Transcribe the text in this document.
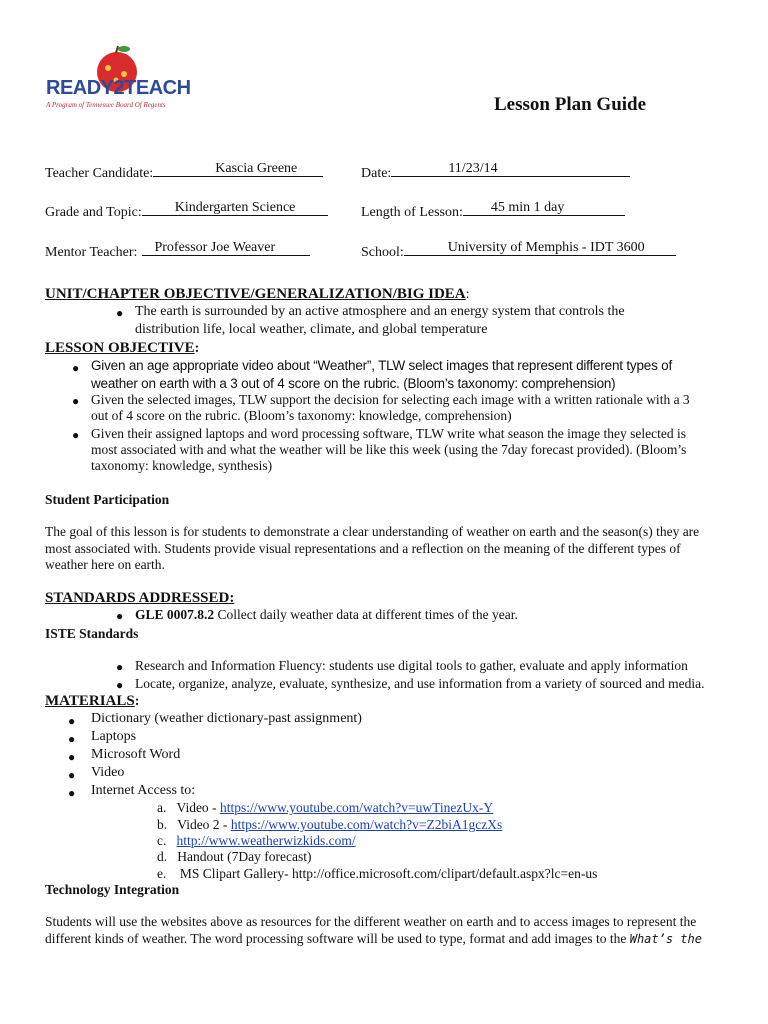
READY2TEACH
A Program of Tennessee Board Of Regents	Lesson Plan Guide
Teacher Candidate:	Kascia Greene	Date:	11/23/14
Grade and Topic: Kindergarten Science	Length of Lesson: 45 min 1 day
Mentor Teacher: Professor Joe Weaver	School:	University of Memphis - IDT 3600
UNIT/CHAPTER OBJECTIVE/GENERALIZATION/BIG IDEA:
● The earth is surrounded by an active atmosphere and an energy system that controls the
distribution life, local weather, climate, and global temperature
LESSON OBJECTIVE:
● Given an age appropriate video about “Weather”, TLW select images that represent different types of
weather on earth with a 3 out of 4 score on the rubric. (Bloom’s taxonomy: comprehension)
● Given the selected images, TLW support the decision for selecting each image with a written rationale with a 3
out of 4 score on the rubric. (Bloom’s taxonomy: knowledge, comprehension)
● Given their assigned laptops and word processing software, TLW write what season the image they selected is
most associated with and what the weather will be like this week (using the 7day forecast provided). (Bloom’s
taxonomy: knowledge, synthesis)
Student Participation
The goal of this lesson is for students to demonstrate a clear understanding of weather on earth and the season(s) they are
most associated with. Students provide visual representations and a reflection on the meaning of the different types of
weather here on earth.
STANDARDS ADDRESSED:
● GLE 0007.8.2 Collect daily weather data at different times of the year.
ISTE Standards
● Research and Information Fluency: students use digital tools to gather, evaluate and apply information
● Locate, organize, analyze, evaluate, synthesize, and use information from a variety of sourced and media.
MATERIALS:
● Dictionary (weather dictionary-past assignment)
● Laptops
● Microsoft Word
● Video
● Internet Access to:
a. Video - https://www.youtube.com/watch?v=uwTinezUx-Y
b. Video 2 - https://www.youtube.com/watch?v=Z2biA1gczXs
c. http://www.weatherwizkids.com/
d. Handout (7Day forecast)
e.    MS Clipart Gallery- http://office.microsoft.com/clipart/default.aspx?lc=en-us
Technology Integration
Students will use the websites above as resources for the different weather on earth and to access images to represent the
different kinds of weather. The word processing software will be used to type, format and add images to the What’s the
